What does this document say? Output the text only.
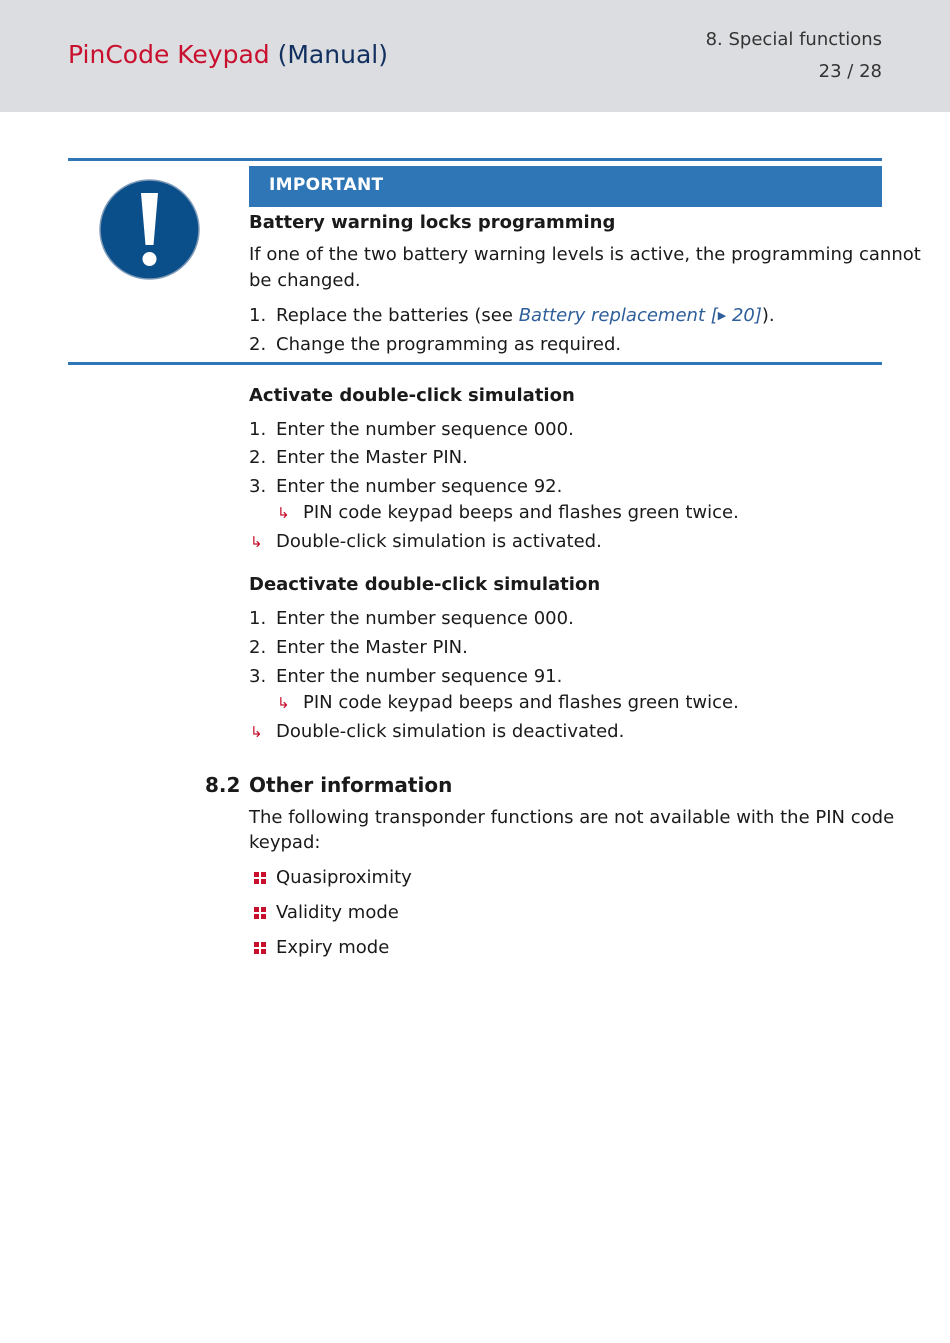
PinCode Keypad (Manual)
8. Special functions
23 / 28
IMPORTANT
Battery warning locks programming
If one of the two battery warning levels is active, the programming cannot
be changed.
1. Replace the batteries (see Battery replacement [▶ 20]).
2. Change the programming as required.
Activate double-click simulation
1. Enter the number sequence 000.
2. Enter the Master PIN.
3. Enter the number sequence 92.
↳ PIN code keypad beeps and flashes green twice.
↳ Double-click simulation is activated.
Deactivate double-click simulation
1. Enter the number sequence 000.
2. Enter the Master PIN.
3. Enter the number sequence 91.
↳ PIN code keypad beeps and flashes green twice.
↳ Double-click simulation is deactivated.
8.2 Other information
The following transponder functions are not available with the PIN code
keypad:
Quasiproximity
Validity mode
Expiry mode
